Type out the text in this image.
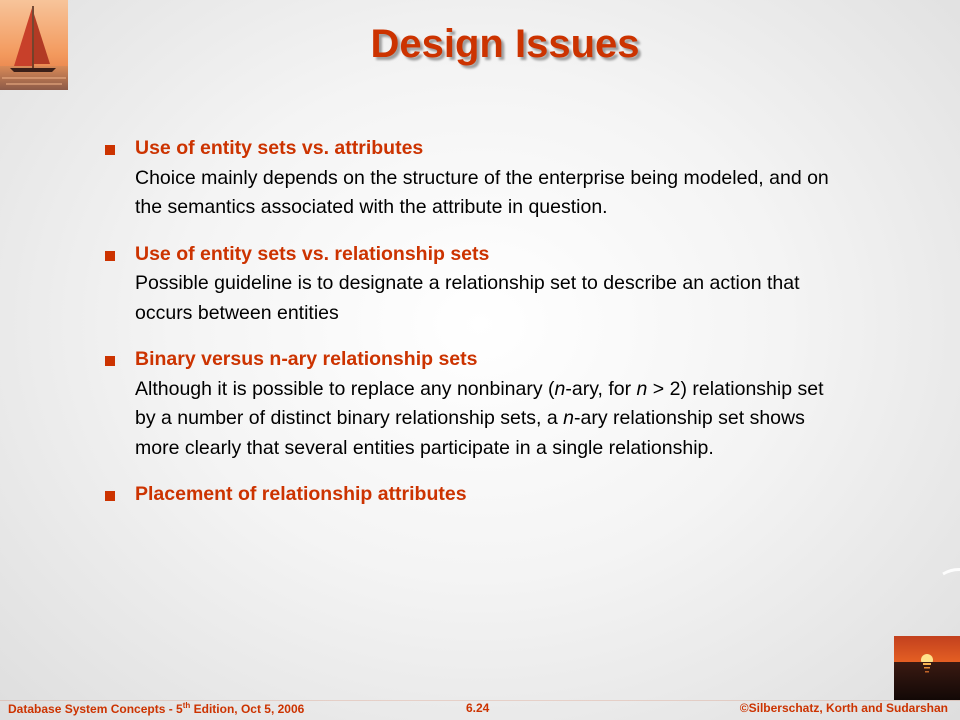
Design Issues
Use of entity sets vs. attributes
Choice mainly depends on the structure of the enterprise being modeled, and on the semantics associated with the attribute in question.
Use of entity sets vs. relationship sets
Possible guideline is to designate a relationship set to describe an action that occurs between entities
Binary versus n-ary relationship sets
Although it is possible to replace any nonbinary (n-ary, for n > 2) relationship set by a number of distinct binary relationship sets, a n-ary relationship set shows more clearly that several entities participate in a single relationship.
Placement of relationship attributes
Database System Concepts - 5th Edition, Oct 5, 2006	6.24	©Silberschatz, Korth and Sudarshan
